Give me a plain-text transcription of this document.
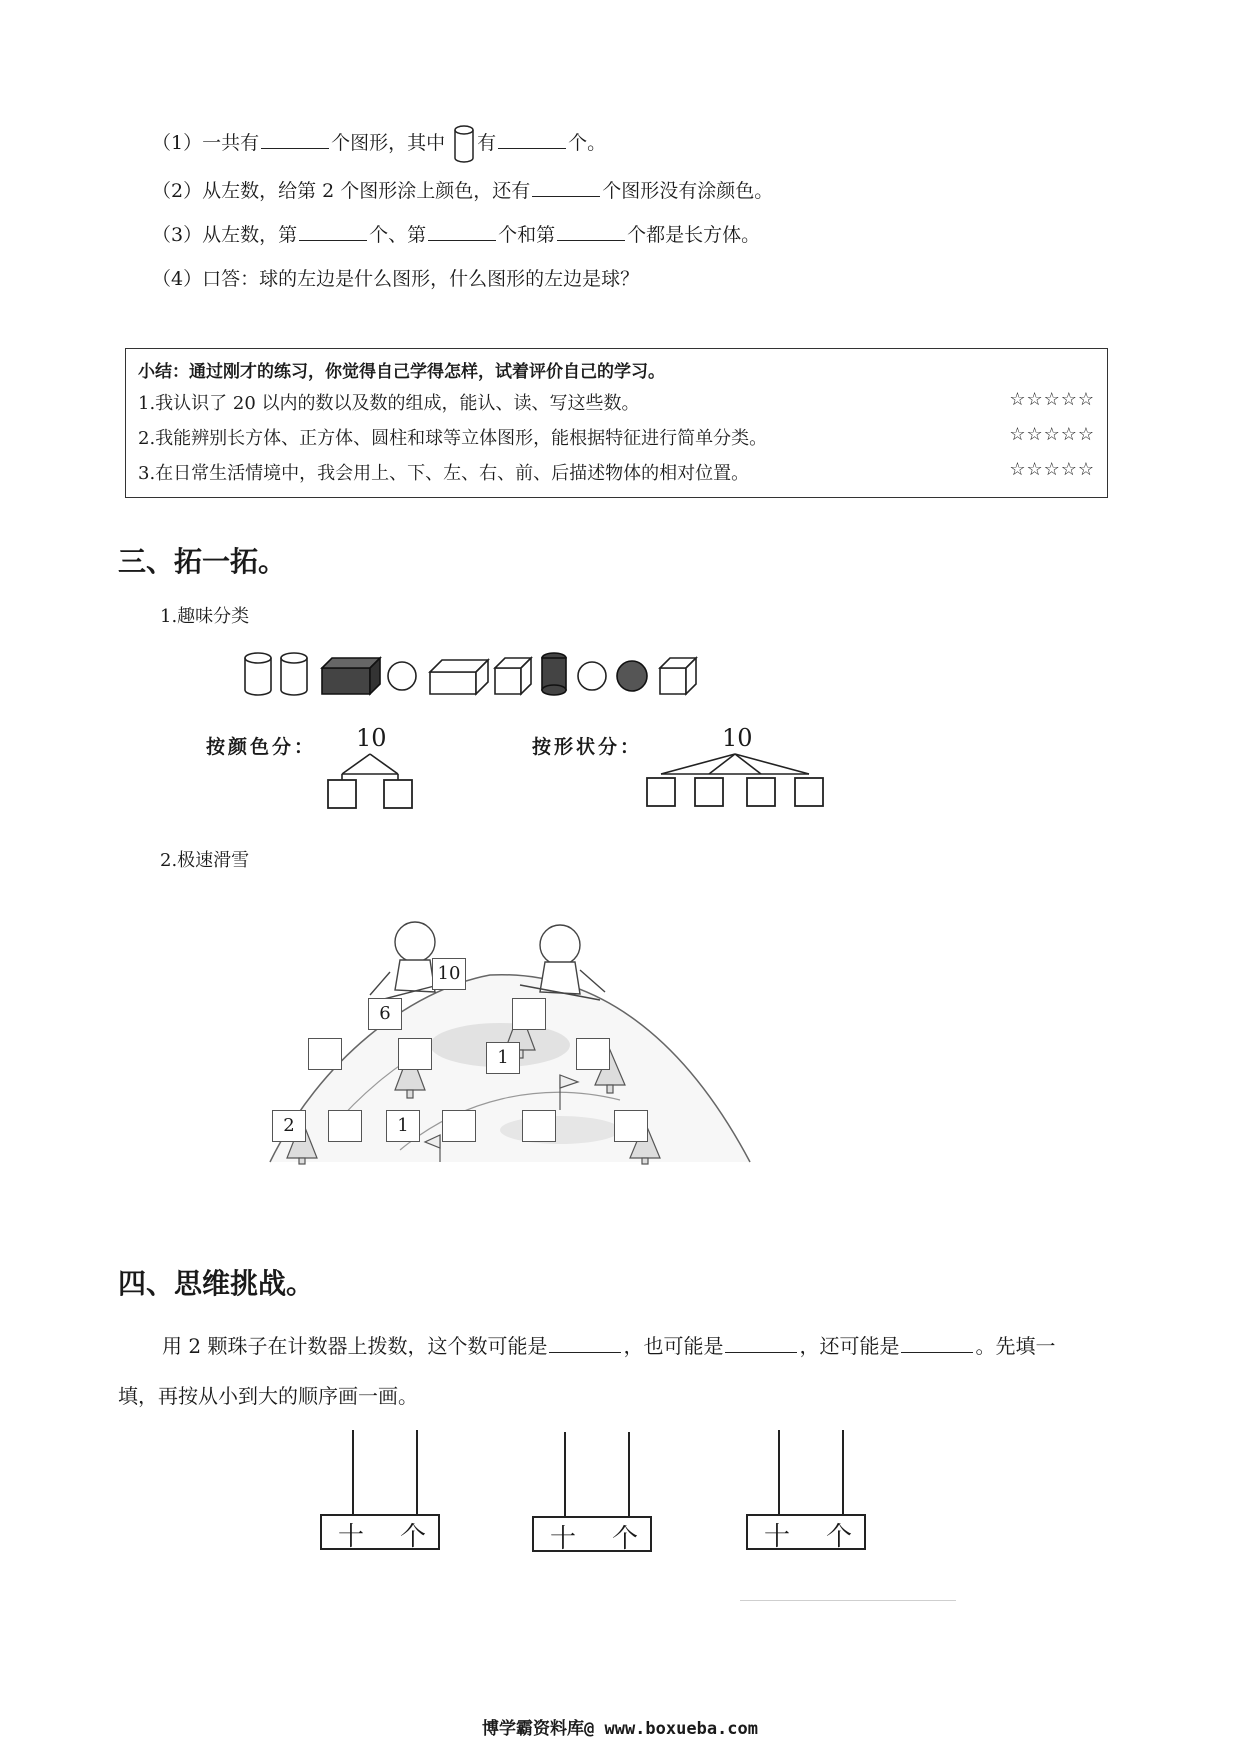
（1）一共有	个图形，其中 有	个。
（2）从左数，给第 2 个图形涂上颜色，还有	个图形没有涂颜色。
（3）从左数，第	个、第	个和第	个都是长方体。
（4）口答：球的左边是什么图形，什么图形的左边是球？
小结：通过刚才的练习，你觉得自己学得怎样，试着评价自己的学习。
1.我认识了 20 以内的数以及数的组成，能认、读、写这些数。	☆☆☆☆☆
2.我能辨别长方体、正方体、圆柱和球等立体图形，能根据特征进行简单分类。	☆☆☆☆☆
3.在日常生活情境中，我会用上、下、左、右、前、后描述物体的相对位置。	☆☆☆☆☆
三、拓一拓。
1.趣味分类
按颜色分： 10	按形状分：	10
2.极速滑雪
10
6
1
2	1
四、思维挑战。
用 2 颗珠子在计数器上拨数，这个数可能是	，也可能是	，还可能是	。先填一
填，再按从小到大的顺序画一画。
十 个	十 个	十 个
博学霸资料库@ www.boxueba.com
